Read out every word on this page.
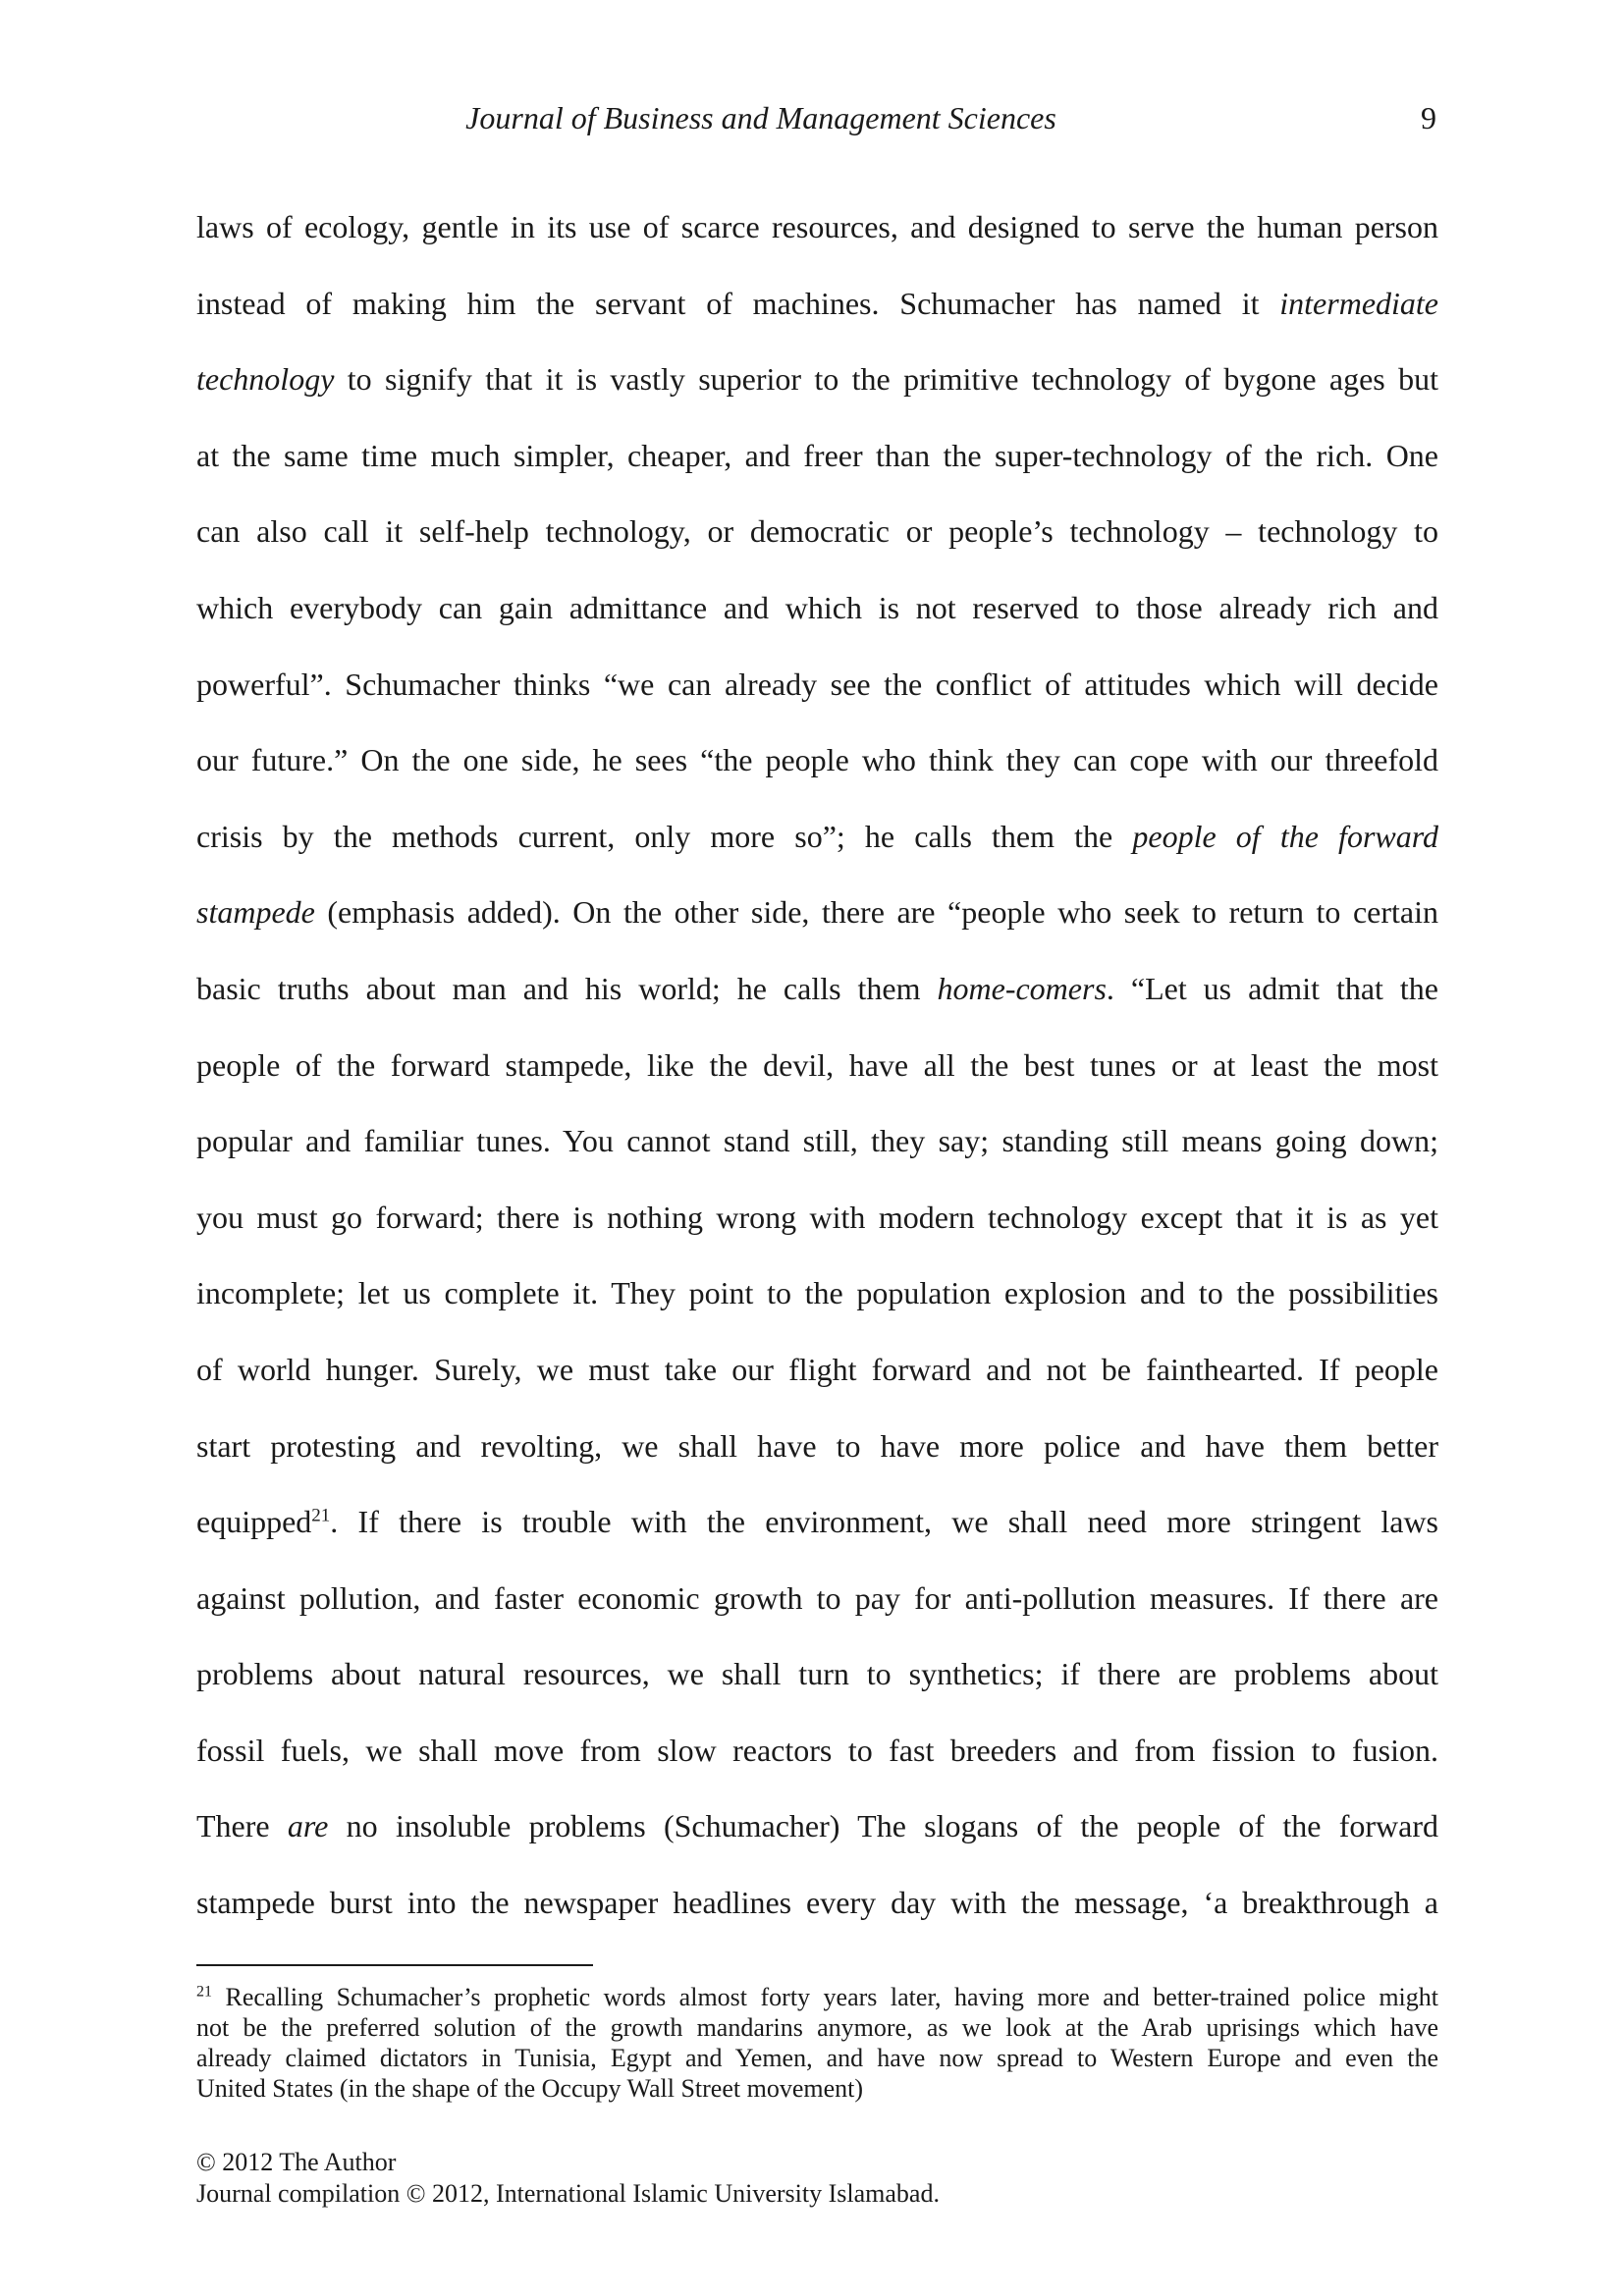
Journal of Business and Management Sciences	9
laws of ecology, gentle in its use of scarce resources, and designed to serve the human person
instead of making him the servant of machines. Schumacher has named it intermediate
technology to signify that it is vastly superior to the primitive technology of bygone ages but
at the same time much simpler, cheaper, and freer than the super-technology of the rich. One
can also call it self-help technology, or democratic or people’s technology – technology to
which everybody can gain admittance and which is not reserved to those already rich and
powerful”. Schumacher thinks “we can already see the conflict of attitudes which will decide
our future.” On the one side, he sees “the people who think they can cope with our threefold
crisis by the methods current, only more so”; he calls them the people of the forward
stampede (emphasis added). On the other side, there are “people who seek to return to certain
basic truths about man and his world; he calls them home-comers. “Let us admit that the
people of the forward stampede, like the devil, have all the best tunes or at least the most
popular and familiar tunes. You cannot stand still, they say; standing still means going down;
you must go forward; there is nothing wrong with modern technology except that it is as yet
incomplete; let us complete it. They point to the population explosion and to the possibilities
of world hunger. Surely, we must take our flight forward and not be fainthearted. If people
start protesting and revolting, we shall have to have more police and have them better
equipped$^{21}$. If there is trouble with the environment, we shall need more stringent laws
against pollution, and faster economic growth to pay for anti-pollution measures. If there are
problems about natural resources, we shall turn to synthetics; if there are problems about
fossil fuels, we shall move from slow reactors to fast breeders and from fission to fusion.
There are no insoluble problems (Schumacher) The slogans of the people of the forward
stampede burst into the newspaper headlines every day with the message, ‘a breakthrough a
$^{21}$ Recalling Schumacher’s prophetic words almost forty years later, having more and better-trained police might
not be the preferred solution of the growth mandarins anymore, as we look at the Arab uprisings which have
already claimed dictators in Tunisia, Egypt and Yemen, and have now spread to Western Europe and even the
United States (in the shape of the Occupy Wall Street movement)
© 2012 The Author
Journal compilation © 2012, International Islamic University Islamabad.
